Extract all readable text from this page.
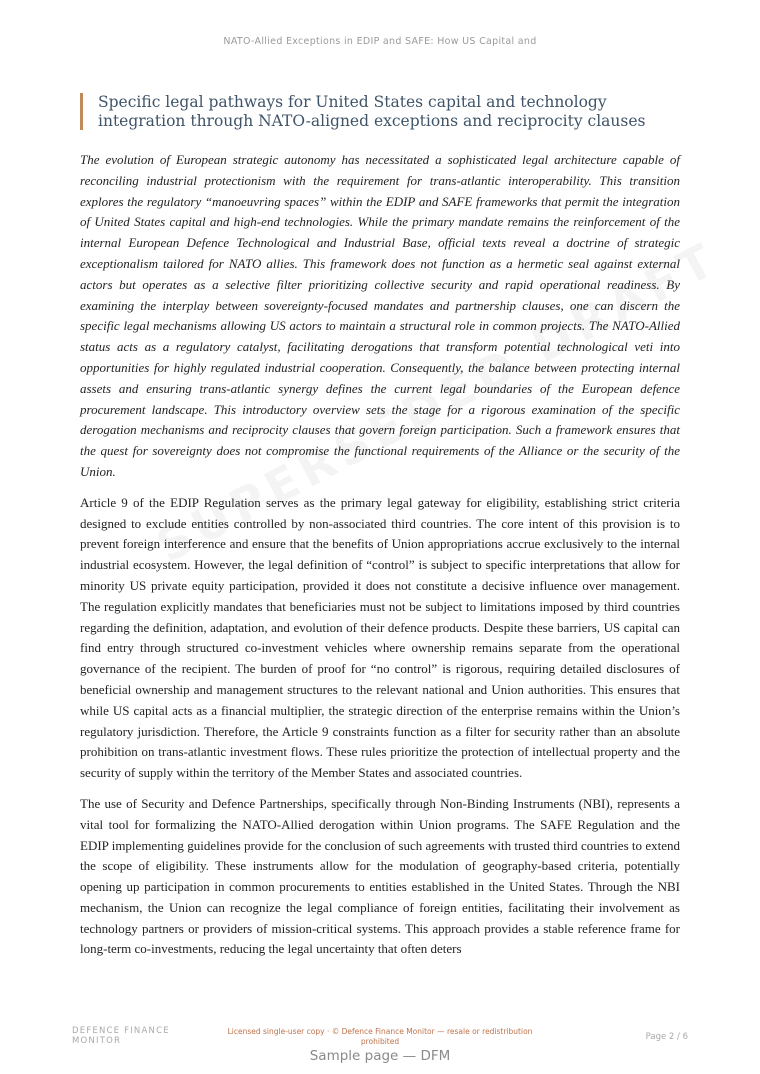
NATO-Allied Exceptions in EDIP and SAFE: How US Capital and
Specific legal pathways for United States capital and technology integration through NATO-aligned exceptions and reciprocity clauses

The evolution of European strategic autonomy has necessitated a sophisticated legal architecture capable of reconciling industrial protectionism with the requirement for trans-atlantic interoperability. This transition explores the regulatory “manoeuvring spaces” within the EDIP and SAFE frameworks that permit the integration of United States capital and high-end technologies. While the primary mandate remains the reinforcement of the internal European Defence Technological and Industrial Base, official texts reveal a doctrine of strategic exceptionalism tailored for NATO allies. This framework does not function as a hermetic seal against external actors but operates as a selective filter prioritizing collective security and rapid operational readiness. By examining the interplay between sovereignty-focused mandates and partnership clauses, one can discern the specific legal mechanisms allowing US actors to maintain a structural role in common projects. The NATO-Allied status acts as a regulatory catalyst, facilitating derogations that transform potential technological veti into opportunities for highly regulated industrial cooperation. Consequently, the balance between protecting internal assets and ensuring trans-atlantic synergy defines the current legal boundaries of the European defence procurement landscape. This introductory overview sets the stage for a rigorous examination of the specific derogation mechanisms and reciprocity clauses that govern foreign participation. Such a framework ensures that the quest for sovereignty does not compromise the functional requirements of the Alliance or the security of the Union.

Article 9 of the EDIP Regulation serves as the primary legal gateway for eligibility, establishing strict criteria designed to exclude entities controlled by non-associated third countries. The core intent of this provision is to prevent foreign interference and ensure that the benefits of Union appropriations accrue exclusively to the internal industrial ecosystem. However, the legal definition of “control” is subject to specific interpretations that allow for minority US private equity participation, provided it does not constitute a decisive influence over management. The regulation explicitly mandates that beneficiaries must not be subject to limitations imposed by third countries regarding the definition, adaptation, and evolution of their defence products. Despite these barriers, US capital can find entry through structured co-investment vehicles where ownership remains separate from the operational governance of the recipient. The burden of proof for “no control” is rigorous, requiring detailed disclosures of beneficial ownership and management structures to the relevant national and Union authorities. This ensures that while US capital acts as a financial multiplier, the strategic direction of the enterprise remains within the Union’s regulatory jurisdiction. Therefore, the Article 9 constraints function as a filter for security rather than an absolute prohibition on trans-atlantic investment flows. These rules prioritize the protection of intellectual property and the security of supply within the territory of the Member States and associated countries.

The use of Security and Defence Partnerships, specifically through Non-Binding Instruments (NBI), represents a vital tool for formalizing the NATO-Allied derogation within Union programs. The SAFE Regulation and the EDIP implementing guidelines provide for the conclusion of such agreements with trusted third countries to extend the scope of eligibility. These instruments allow for the modulation of geography-based criteria, potentially opening up participation in common procurements to entities established in the United States. Through the NBI mechanism, the Union can recognize the legal compliance of foreign entities, facilitating their involvement as technology partners or providers of mission-critical systems. This approach provides a stable reference frame for long-term co-investments, reducing the legal uncertainty that often deters

DEFENCE FINANCE
MONITOR
Licensed single-user copy · © Defence Finance Monitor — resale or redistribution prohibited	Page 2 / 6
Sample page — DFM
